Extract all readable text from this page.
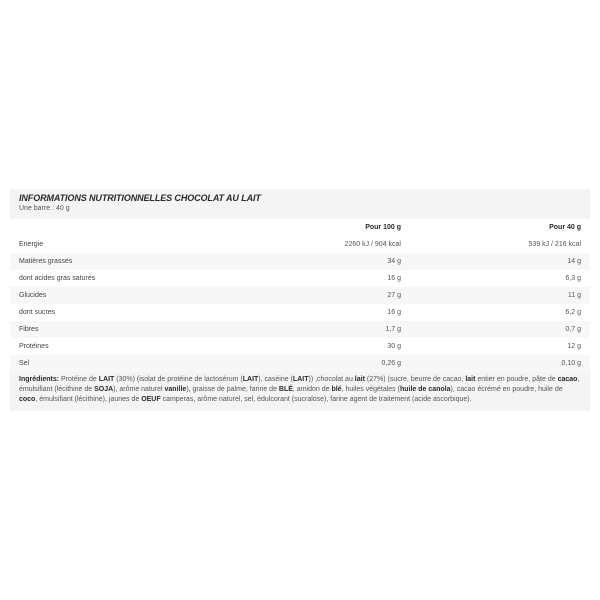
INFORMATIONS NUTRITIONNELLES CHOCOLAT AU LAIT
Une barre : 40 g
	Pour 100 g	Pour 40 g
Energie	2260 kJ / 904 kcal	539 kJ / 216 kcal
Matières grasses	34 g	14 g
dont acides gras saturés	16 g	6,3 g
Glucides	27 g	11 g
dont sucres	16 g	6,2 g
Fibres	1,7 g	0,7 g
Protéines	30 g	12 g
Sel	0,26 g	0,10 g
Ingrédients: Protéine de LAIT (30%) (isolat de protéine de lactosérum (LAIT), caséine (LAIT)) ,chocolat au lait (27%) (sucre, beurre de cacao, lait entier en poudre, pâte de cacao, émulsifiant (lécithine de SOJA), arôme naturel vanille), graisse de palme, farine de BLÉ, amidon de blé, huiles végétales (huile de canola), cacao écrémé en poudre, huile de coco, émulsifiant (lécithine), jaunes de OEUF camperas, arôme naturel, sel, édulcorant (sucralose), farine agent de traitement (acide ascorbique).
